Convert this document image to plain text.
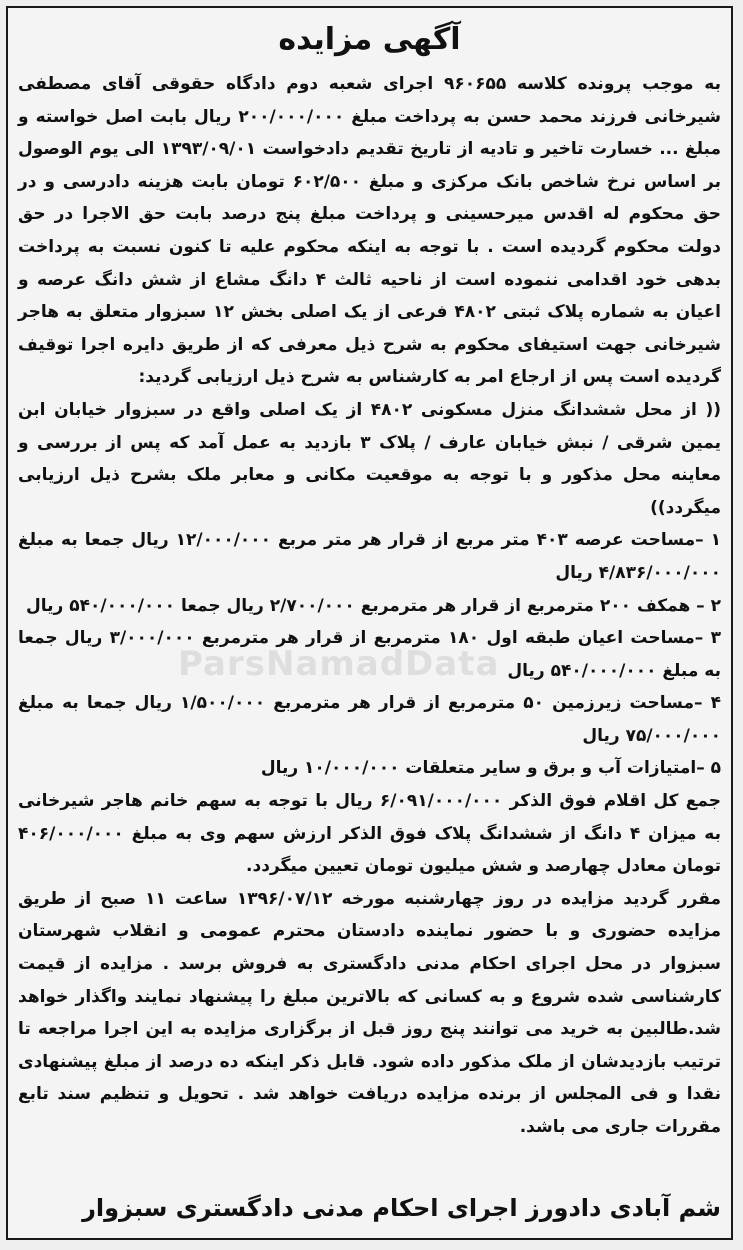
ParsNamadData
آگهی مزایده

به موجب پرونده کلاسه ۹۶۰۶۵۵ اجرای شعبه دوم دادگاه حقوقی آقای مصطفی شیرخانی فرزند محمد حسن به پرداخت مبلغ ۲۰۰/۰۰۰/۰۰۰ ریال بابت اصل خواسته و مبلغ ... خسارت تاخیر و تادیه از تاریخ تقدیم دادخواست ۱۳۹۳/۰۹/۰۱ الی یوم الوصول بر اساس نرخ شاخص بانک مرکزی و مبلغ ۶۰۲/۵۰۰ تومان بابت هزینه دادرسی و در حق محکوم له اقدس میرحسینی و پرداخت مبلغ پنج درصد بابت حق الاجرا در حق دولت محکوم گردیده است . با توجه به اینکه محکوم علیه تا کنون نسبت به پرداخت بدهی خود اقدامی ننموده است از ناحیه ثالث ۴ دانگ مشاع از شش دانگ عرصه و اعیان به شماره پلاک ثبتی ۴۸۰۲ فرعی از یک اصلی بخش ۱۲ سبزوار متعلق به هاجر شیرخانی جهت استیفای محکوم به شرح ذیل معرفی که از طریق دایره اجرا توقیف گردیده است پس از ارجاع امر به کارشناس به شرح ذیل ارزیابی گردید:

(( از محل ششدانگ منزل مسکونی ۴۸۰۲ از یک اصلی واقع در سبزوار خیابان ابن یمین شرقی / نبش خیابان عارف / پلاک ۳ بازدید به عمل آمد که پس از بررسی و معاینه محل مذکور و با توجه به موقعیت مکانی و معابر ملک بشرح ذیل ارزیابی میگردد))

۱ –مساحت عرصه ۴۰۳ متر مربع از قرار هر متر مربع ۱۲/۰۰۰/۰۰۰ ریال جمعا به مبلغ ۴/۸۳۶/۰۰۰/۰۰۰ ریال

۲ – همکف ۲۰۰ مترمربع از قرار هر مترمربع ۲/۷۰۰/۰۰۰ ریال جمعا ۵۴۰/۰۰۰/۰۰۰ ریال

۳ –مساحت اعیان طبقه اول ۱۸۰ مترمربع از قرار هر مترمربع ۳/۰۰۰/۰۰۰ ریال جمعا به مبلغ ۵۴۰/۰۰۰/۰۰۰ ریال

۴ –مساحت زیرزمین ۵۰ مترمربع از قرار هر مترمربع ۱/۵۰۰/۰۰۰ ریال جمعا به مبلغ ۷۵/۰۰۰/۰۰۰ ریال

۵ –امتیازات آب و برق و سایر متعلقات ۱۰/۰۰۰/۰۰۰ ریال

جمع کل اقلام فوق الذکر ۶/۰۹۱/۰۰۰/۰۰۰ ریال با توجه به سهم خانم هاجر شیرخانی به میزان ۴ دانگ از ششدانگ پلاک فوق الذکر ارزش سهم وی به مبلغ ۴۰۶/۰۰۰/۰۰۰ تومان معادل چهارصد و شش میلیون تومان تعیین میگردد.

مقرر گردید مزایده در روز چهارشنبه مورخه ۱۳۹۶/۰۷/۱۲ ساعت ۱۱ صبح از طریق مزایده حضوری و با حضور نماینده دادستان محترم عمومی و انقلاب شهرستان سبزوار در محل اجرای احکام مدنی دادگستری به فروش برسد . مزایده از قیمت کارشناسی شده شروع و به کسانی که بالاترین مبلغ را پیشنهاد نمایند واگذار خواهد شد.طالبین به خرید می توانند پنج روز قبل از برگزاری مزایده به این اجرا مراجعه تا ترتیب بازدیدشان از ملک مذکور داده شود. قابل ذکر اینکه ده درصد از مبلغ پیشنهادی نقدا و فی المجلس از برنده مزایده دریافت خواهد شد . تحویل و تنظیم سند تابع مقررات جاری می باشد.

شم آبادی دادورز اجرای احکام مدنی دادگستری سبزوار
